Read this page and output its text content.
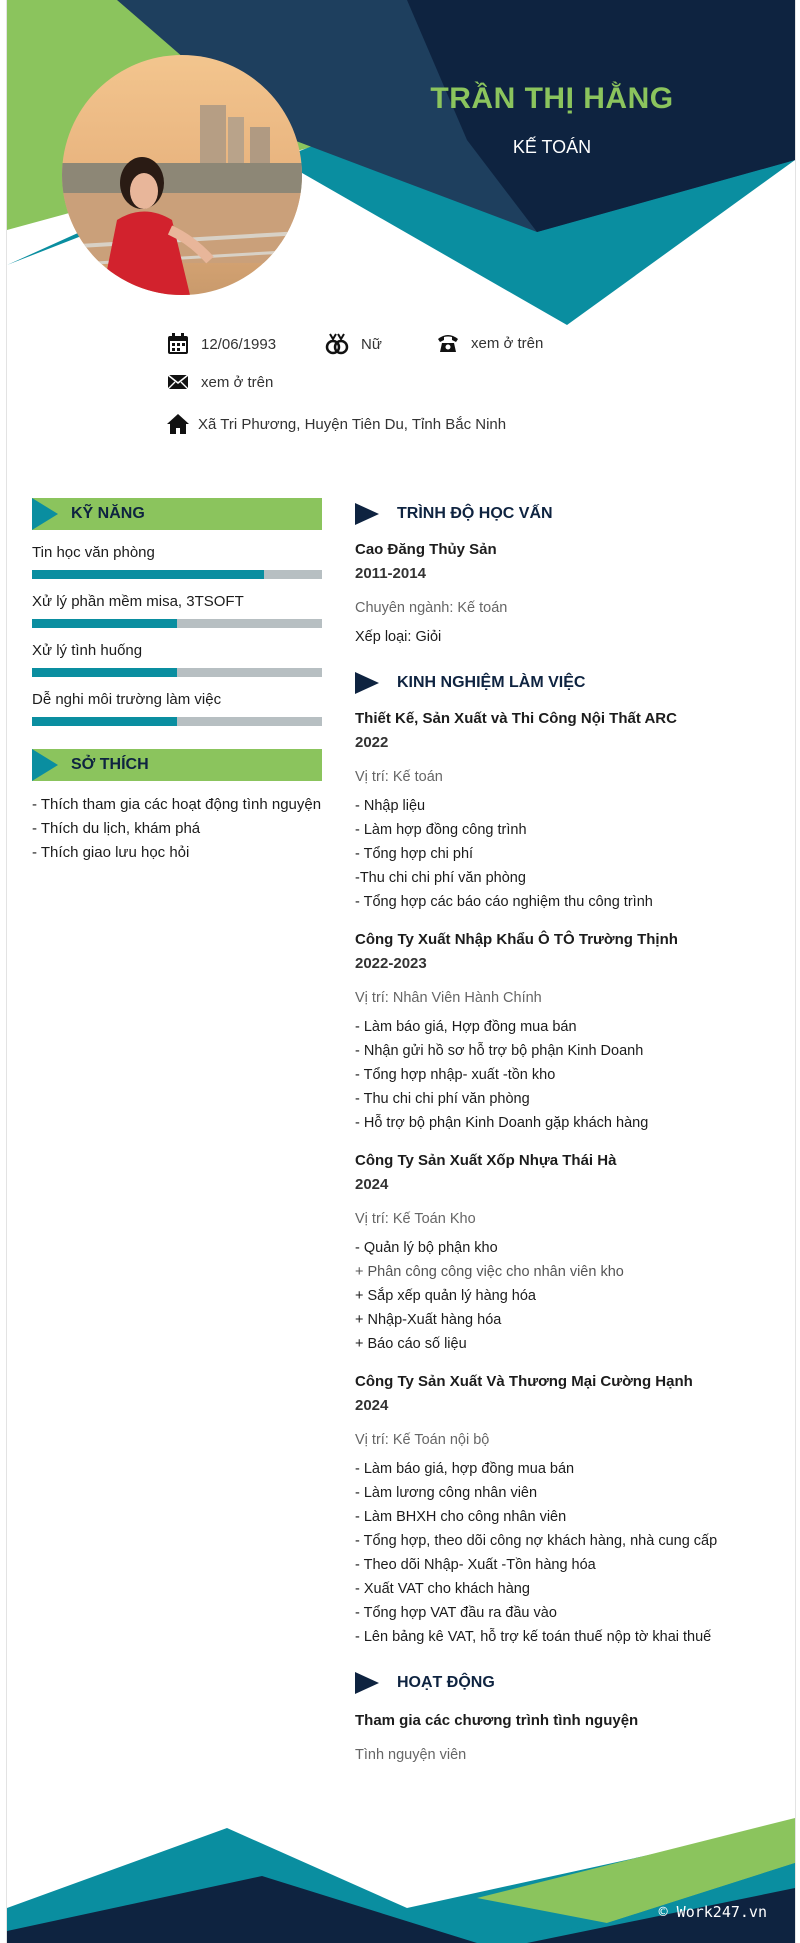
TRẦN THỊ HẰNG
KẾ TOÁN
12/06/1993	Nữ	xem ở trên
xem ở trên
Xã Tri Phương, Huyện Tiên Du, Tỉnh Bắc Ninh
KỸ NĂNG
Tin học văn phòng
Xử lý phần mềm misa, 3TSOFT
Xử lý tình huống
Dễ nghi môi trường làm việc
SỞ THÍCH
- Thích tham gia các hoạt động tình nguyện
- Thích du lịch, khám phá
- Thích giao lưu học hỏi
TRÌNH ĐỘ HỌC VẤN
Cao Đăng Thủy Sản
2011-2014
Chuyên ngành: Kế toán
Xếp loại: Giỏi
KINH NGHIỆM LÀM VIỆC
Thiết Kế, Sản Xuất và Thi Công Nội Thất ARC
2022
Vị trí: Kế toán
- Nhập liệu
- Làm hợp đồng công trình
- Tổng hợp chi phí
-Thu chi chi phí văn phòng
- Tổng hợp các báo cáo nghiệm thu công trình
Công Ty Xuất Nhập Khẩu Ô TÔ Trường Thịnh
2022-2023
Vị trí: Nhân Viên Hành Chính
- Làm báo giá, Hợp đồng mua bán
- Nhận gửi hồ sơ hỗ trợ bộ phận Kinh Doanh
- Tổng hợp nhập- xuất -tồn kho
- Thu chi chi phí văn phòng
- Hỗ trợ bộ phận Kinh Doanh gặp khách hàng
Công Ty Sản Xuất Xốp Nhựa Thái Hà
2024
Vị trí: Kế Toán Kho
- Quản lý bộ phận kho
+ Phân công công việc cho nhân viên kho
+ Sắp xếp quản lý hàng hóa
+ Nhập-Xuất hàng hóa
+ Báo cáo số liệu
Công Ty Sản Xuất Và Thương Mại Cường Hạnh
2024
Vị trí: Kế Toán nội bộ
- Làm báo giá, hợp đồng mua bán
- Làm lương công nhân viên
- Làm BHXH cho công nhân viên
- Tổng hợp, theo dõi công nợ khách hàng, nhà cung cấp
- Theo dõi Nhập- Xuất -Tồn hàng hóa
- Xuất VAT cho khách hàng
- Tổng hợp VAT đầu ra đầu vào
- Lên bảng kê VAT, hỗ trợ kế toán thuế nộp tờ khai thuế
HOẠT ĐỘNG
Tham gia các chương trình tình nguyện
Tình nguyện viên
© Work247.vn
